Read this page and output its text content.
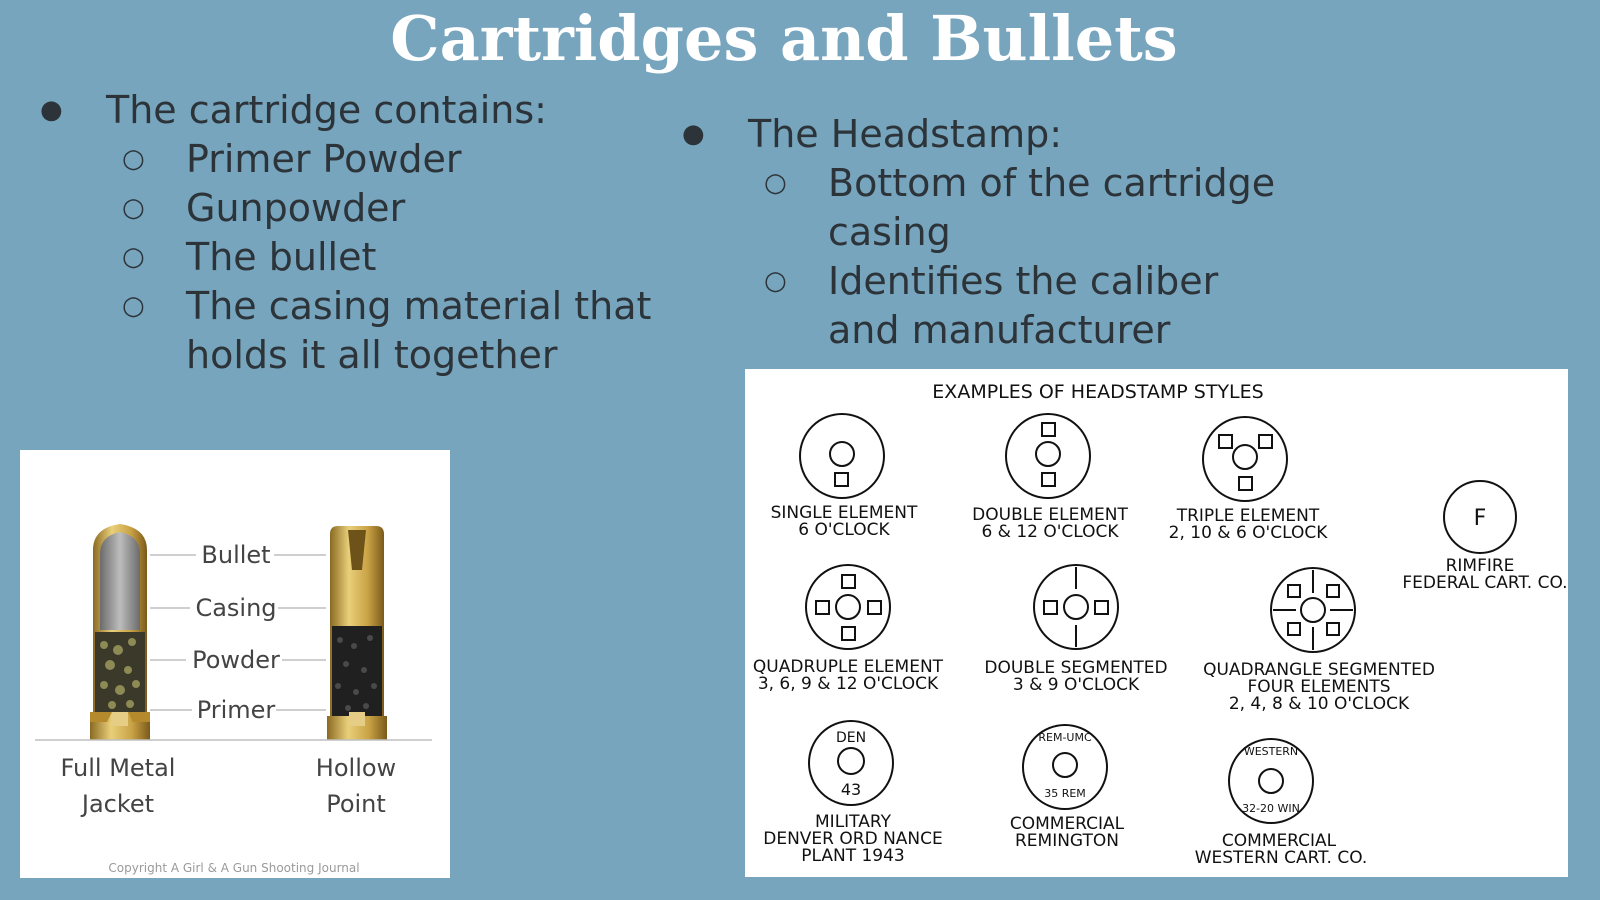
Cartridges and Bullets
● The cartridge contains:
○ Primer Powder
○ Gunpowder
○ The bullet
○ The casing material that holds it all together
● The Headstamp:
○ Bottom of the cartridge casing
○ Identifies the caliber and manufacturer
Bullet
Casing
Powder
Primer
Full Metal
Jacket
Hollow
Point
Copyright A Girl & A Gun Shooting Journal
EXAMPLES OF HEADSTAMP STYLES
F
DEN
43
REM-UMC
35 REM
WESTERN
32-20 WIN
SINGLE ELEMENT
6 O'CLOCK
DOUBLE ELEMENT
6 & 12 O'CLOCK
TRIPLE ELEMENT
2, 10 & 6 O'CLOCK
RIMFIRE
FEDERAL CART. CO.
QUADRUPLE ELEMENT
3, 6, 9 & 12 O'CLOCK
DOUBLE SEGMENTED
3 & 9 O'CLOCK
QUADRANGLE SEGMENTED
FOUR ELEMENTS
2, 4, 8 & 10 O'CLOCK
MILITARY
DENVER ORD NANCE
PLANT 1943
COMMERCIAL
REMINGTON	COMMERCIAL
WESTERN CART. CO.
